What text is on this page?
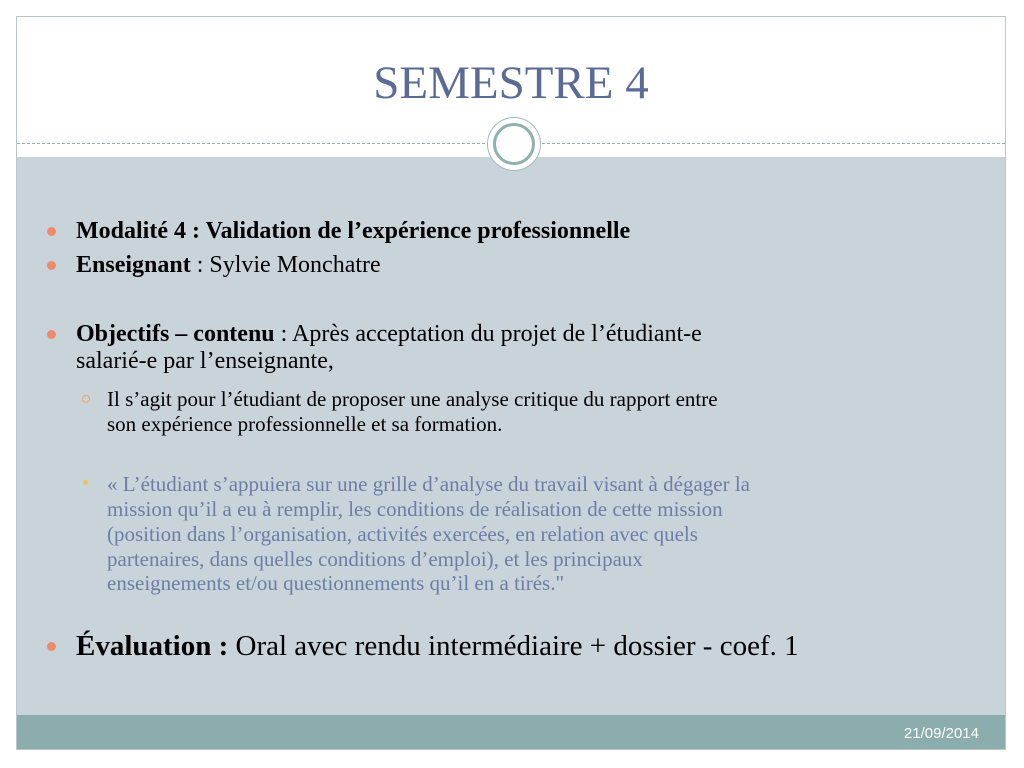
SEMESTRE 4
Modalité 4 : Validation de l’expérience professionnelle
Enseignant : Sylvie Monchatre
Objectifs – contenu : Après acceptation du projet de l’étudiant-e
salarié-e par l’enseignante,
Il s’agit pour l’étudiant de proposer une analyse critique du rapport entre
son expérience professionnelle et sa formation.
« L’étudiant s’appuiera sur une grille d’analyse du travail visant à dégager la
mission qu’il a eu à remplir, les conditions de réalisation de cette mission
(position dans l’organisation, activités exercées, en relation avec quels
partenaires, dans quelles conditions d’emploi), et les principaux
enseignements et/ou questionnements qu’il en a tirés."
Évaluation : Oral avec rendu intermédiaire + dossier - coef. 1
21/09/2014
